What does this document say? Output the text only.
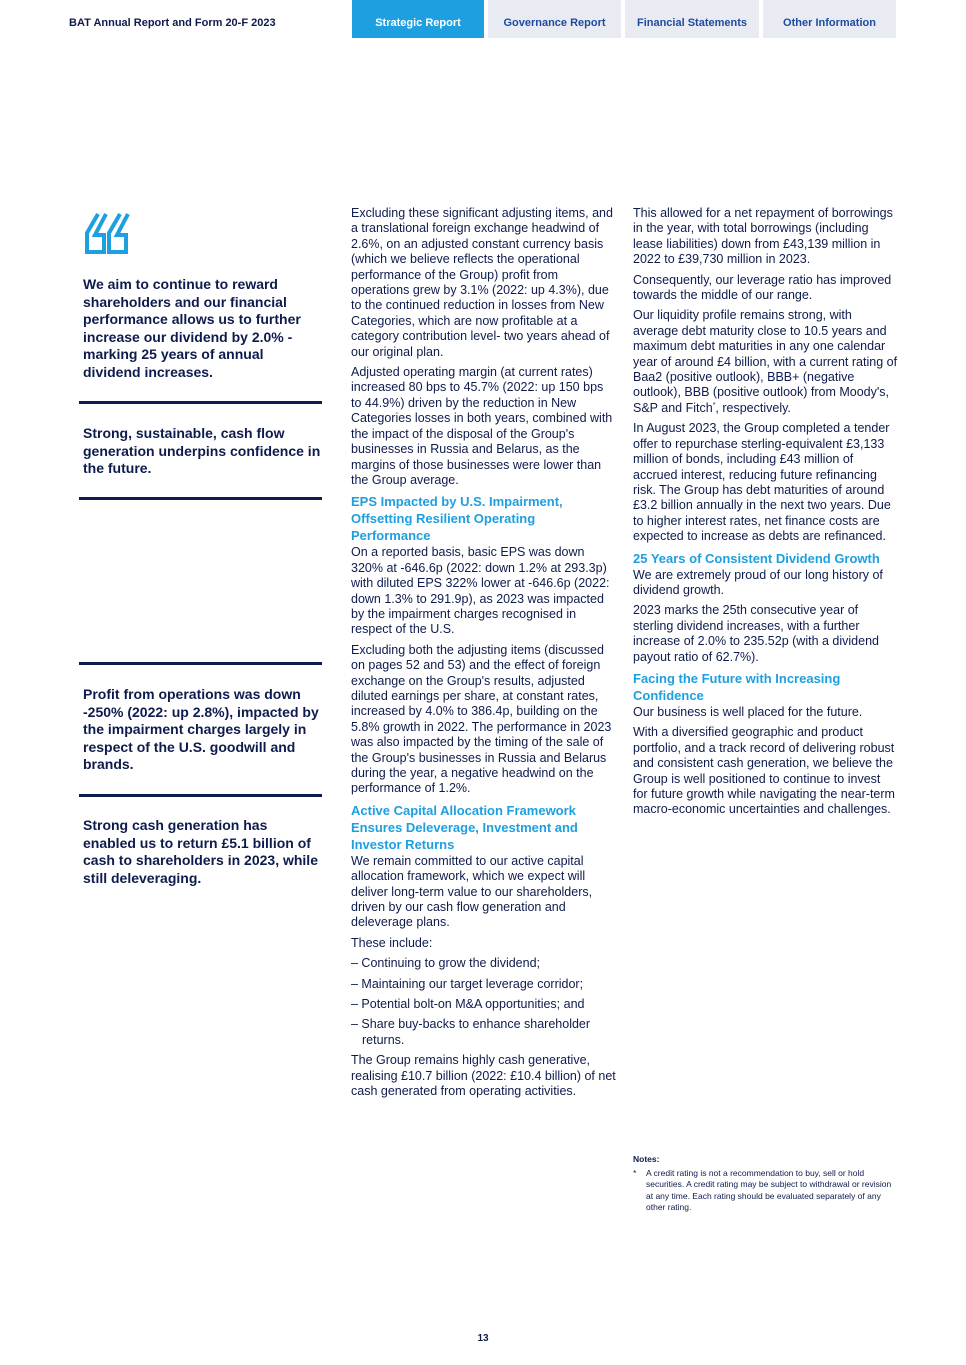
BAT Annual Report and Form 20-F 2023	Strategic Report	Governance Report	Financial Statements	Other Information
We aim to continue to reward shareholders and our financial performance allows us to further increase our dividend by 2.0% - marking 25 years of annual dividend increases.
Strong, sustainable, cash flow generation underpins confidence in the future.
Profit from operations was down -250% (2022: up 2.8%), impacted by the impairment charges largely in respect of the U.S. goodwill and brands.
Strong cash generation has enabled us to return £5.1 billion of cash to shareholders in 2023, while still deleveraging.

Excluding these significant adjusting items, and a translational foreign exchange headwind of 2.6%, on an adjusted constant currency basis (which we believe reflects the operational performance of the Group) profit from operations grew by 3.1% (2022: up 4.3%), due to the continued reduction in losses from New Categories, which are now profitable at a category contribution level- two years ahead of our original plan.

Adjusted operating margin (at current rates) increased 80 bps to 45.7% (2022: up 150 bps to 44.9%) driven by the reduction in New Categories losses in both years, combined with the impact of the disposal of the Group's businesses in Russia and Belarus, as the margins of those businesses were lower than the Group average.

EPS Impacted by U.S. Impairment, Offsetting Resilient Operating Performance

On a reported basis, basic EPS was down 320% at -646.6p (2022: down 1.2% at 293.3p) with diluted EPS 322% lower at -646.6p (2022: down 1.3% to 291.9p), as 2023 was impacted by the impairment charges recognised in respect of the U.S.

Excluding both the adjusting items (discussed on pages 52 and 53) and the effect of foreign exchange on the Group's results, adjusted diluted earnings per share, at constant rates, increased by 4.0% to 386.4p, building on the 5.8% growth in 2022. The performance in 2023 was also impacted by the timing of the sale of the Group's businesses in Russia and Belarus during the year, a negative headwind on the performance of 1.2%.

Active Capital Allocation Framework Ensures Deleverage, Investment and Investor Returns

We remain committed to our active capital allocation framework, which we expect will deliver long-term value to our shareholders, driven by our cash flow generation and deleverage plans.

These include:

– Continuing to grow the dividend;
– Maintaining our target leverage corridor;
– Potential bolt-on M&A opportunities; and
– Share buy-backs to enhance shareholder returns.

The Group remains highly cash generative, realising £10.7 billion (2022: £10.4 billion) of net cash generated from operating activities.

This allowed for a net repayment of borrowings in the year, with total borrowings (including lease liabilities) down from £43,139 million in 2022 to £39,730 million in 2023.

Consequently, our leverage ratio has improved towards the middle of our range.

Our liquidity profile remains strong, with average debt maturity close to 10.5 years and maximum debt maturities in any one calendar year of around £4 billion, with a current rating of Baa2 (positive outlook), BBB+ (negative outlook), BBB (positive outlook) from Moody's, S&P and Fitch*, respectively.

In August 2023, the Group completed a tender offer to repurchase sterling-equivalent £3,133 million of bonds, including £43 million of accrued interest, reducing future refinancing risk. The Group has debt maturities of around £3.2 billion annually in the next two years. Due to higher interest rates, net finance costs are expected to increase as debts are refinanced.

25 Years of Consistent Dividend Growth

We are extremely proud of our long history of dividend growth.

2023 marks the 25th consecutive year of sterling dividend increases, with a further increase of 2.0% to 235.52p (with a dividend payout ratio of 62.7%).

Facing the Future with Increasing Confidence

Our business is well placed for the future.

With a diversified geographic and product portfolio, and a track record of delivering robust and consistent cash generation, we believe the Group is well positioned to continue to invest for future growth while navigating the near-term macro-economic uncertainties and challenges.

Notes:
*	A credit rating is not a recommendation to buy, sell or hold securities. A credit rating may be subject to withdrawal or revision at any time. Each rating should be evaluated separately of any other rating.
13
